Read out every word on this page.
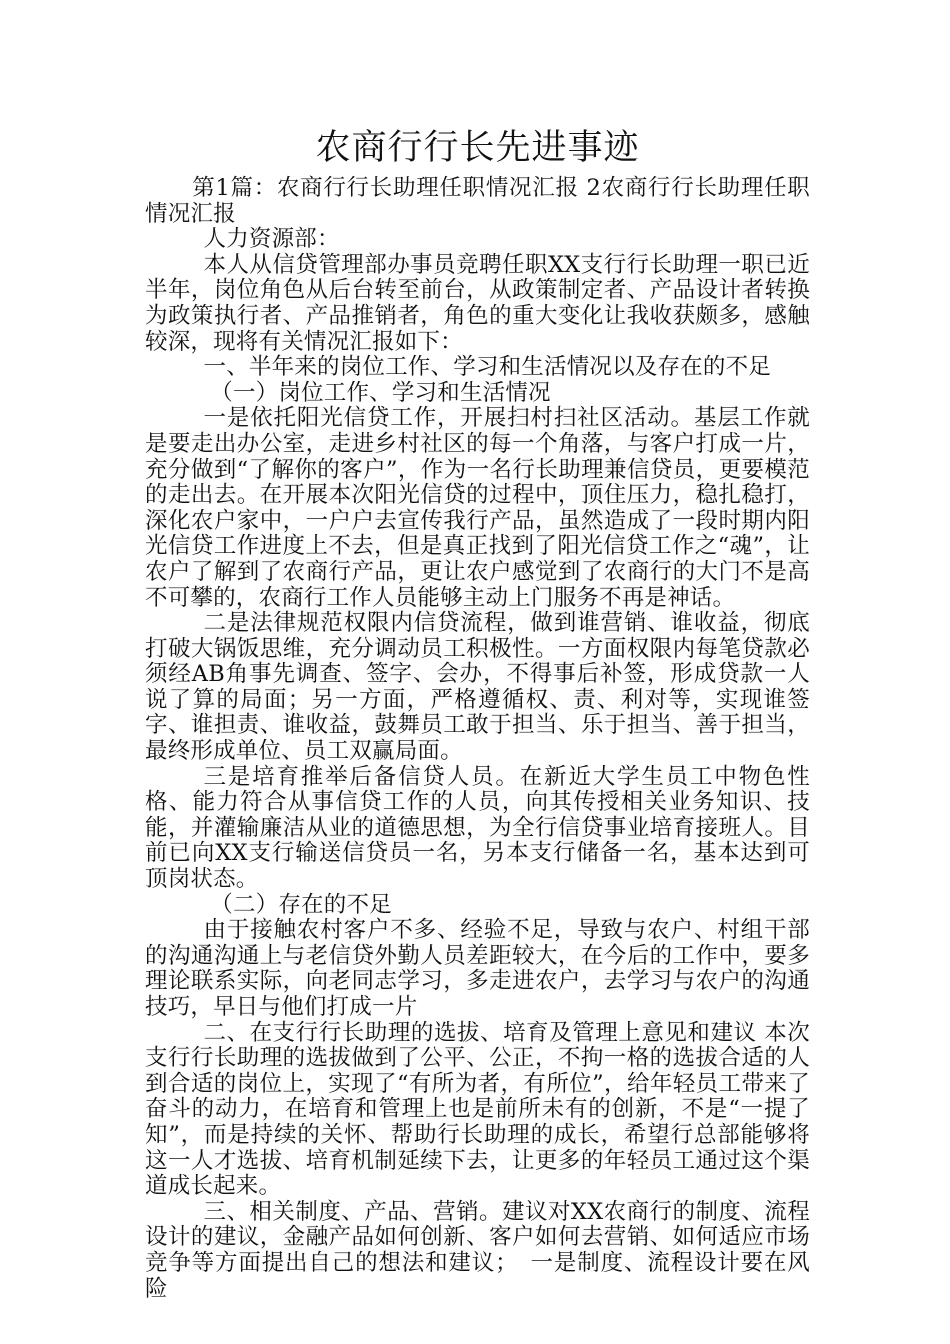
农商行行长先进事迹

第1篇：农商行行长助理任职情况汇报 2农商行行长助理任职情况汇报

人力资源部：

本人从信贷管理部办事员竞聘任职XX支行行长助理一职已近半年，岗位角色从后台转至前台，从政策制定者、产品设计者转换为政策执行者、产品推销者，角色的重大变化让我收获颇多，感触较深，现将有关情况汇报如下：

一、半年来的岗位工作、学习和生活情况以及存在的不足

（一）岗位工作、学习和生活情况

一是依托阳光信贷工作，开展扫村扫社区活动。基层工作就是要走出办公室，走进乡村社区的每一个角落，与客户打成一片，充分做到“了解你的客户”，作为一名行长助理兼信贷员，更要模范的走出去。在开展本次阳光信贷的过程中，顶住压力，稳扎稳打，深化农户家中，一户户去宣传我行产品，虽然造成了一段时期内阳光信贷工作进度上不去，但是真正找到了阳光信贷工作之“魂”，让农户了解到了农商行产品，更让农户感觉到了农商行的大门不是高不可攀的，农商行工作人员能够主动上门服务不再是神话。

二是法律规范权限内信贷流程，做到谁营销、谁收益，彻底打破大锅饭思维，充分调动员工积极性。一方面权限内每笔贷款必须经AB角事先调查、签字、会办，不得事后补签，形成贷款一人说了算的局面；另一方面，严格遵循权、责、利对等，实现谁签字、谁担责、谁收益，鼓舞员工敢于担当、乐于担当、善于担当，最终形成单位、员工双赢局面。

三是培育推举后备信贷人员。在新近大学生员工中物色性格、能力符合从事信贷工作的人员，向其传授相关业务知识、技能，并灌输廉洁从业的道德思想，为全行信贷事业培育接班人。目前已向XX支行输送信贷员一名，另本支行储备一名，基本达到可顶岗状态。

（二）存在的不足

由于接触农村客户不多、经验不足，导致与农户、村组干部的沟通沟通上与老信贷外勤人员差距较大，在今后的工作中，要多理论联系实际，向老同志学习，多走进农户，去学习与农户的沟通技巧，早日与他们打成一片

二、在支行行长助理的选拔、培育及管理上意见和建议 本次支行行长助理的选拔做到了公平、公正，不拘一格的选拔合适的人到合适的岗位上，实现了“有所为者，有所位”，给年轻员工带来了奋斗的动力，在培育和管理上也是前所未有的创新，不是“一提了知”，而是持续的关怀、帮助行长助理的成长，希望行总部能够将这一人才选拔、培育机制延续下去，让更多的年轻员工通过这个渠道成长起来。

三、相关制度、产品、营销。建议对XX农商行的制度、流程设计的建议，金融产品如何创新、客户如何去营销、如何适应市场竞争等方面提出自己的想法和建议；　一是制度、流程设计要在风险
